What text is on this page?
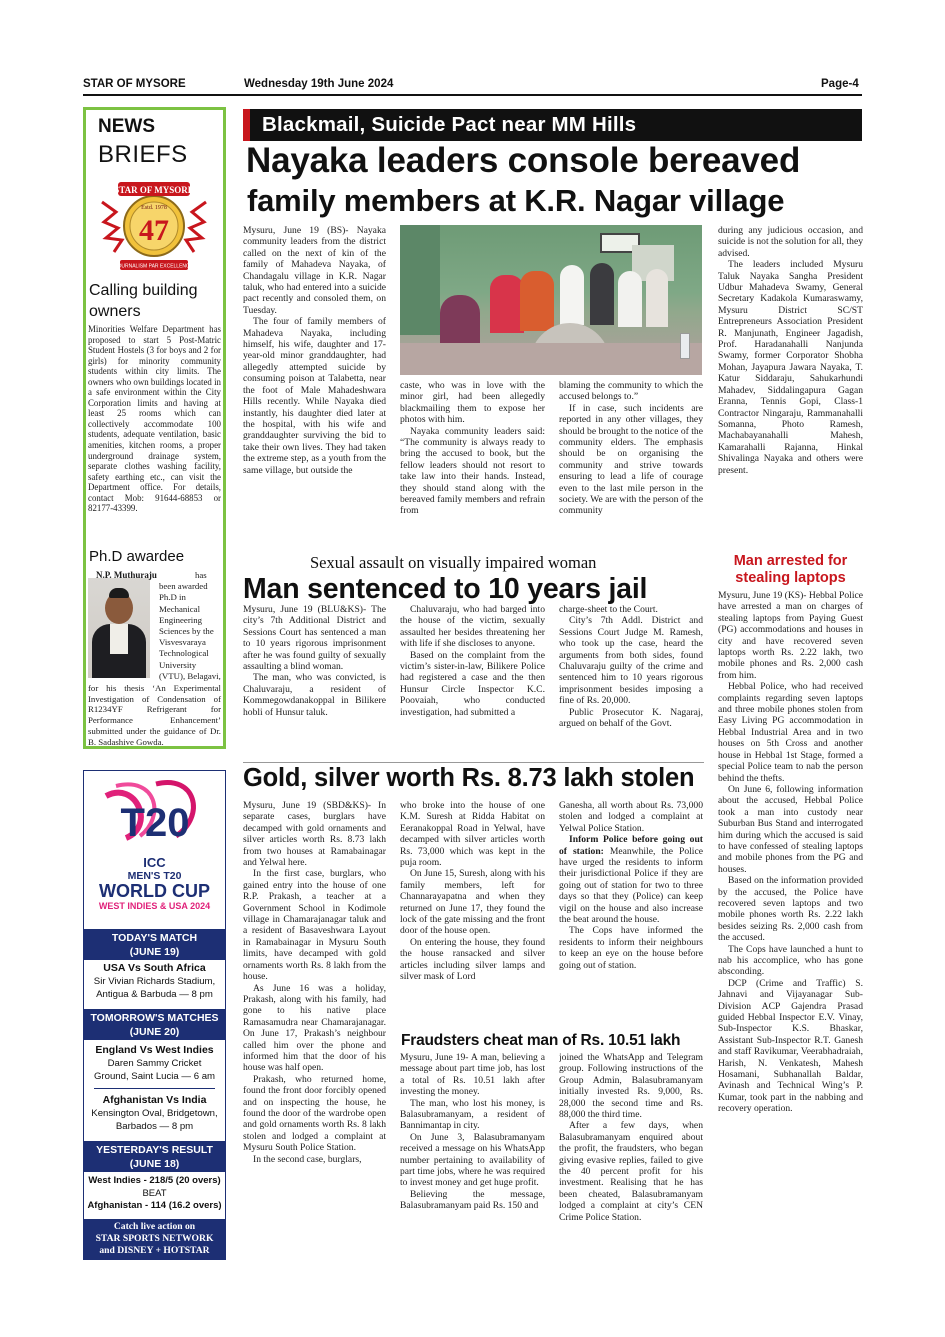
STAR OF MYSORE	Wednesday 19th June 2024	Page-4
NEWS
BRIEFS
STAR OF MYSORE
Estd. 1978
47
JOURNALISM PAR EXCELLENCE
Calling building
owners
Minorities Welfare Department has proposed to start 5 Post-Matric Student Hostels (3 for boys and 2 for girls) for minority community students within city limits. The owners who own buildings located in a safe environment within the City Corporation limits and having at least 25 rooms which can collectively accommodate 100 students, adequate ventilation, basic amenities, kitchen rooms, a proper underground drainage system, separate clothes washing facility, safety earthing etc., can visit the Department office. For details, contact Mob: 91644-68853 or 82177-43399.
Ph.D awardee
N.P. Muthuraju	has been awarded Ph.D in Mechanical Engineering Sciences by the Visvesvaraya Technological University (VTU), Belagavi,
for his thesis ‘An Experimental Investigation of Condensation of R1234YF Refrigerant for Performance Enhancement’ submitted under the guidance of Dr. B. Sadashive Gowda.
T20
ICC
MEN'S T20
WORLD CUP
WEST INDIES & USA 2024
TODAY'S MATCH
(JUNE 19)
USA Vs South Africa
Sir Vivian Richards Stadium,
Antigua & Barbuda — 8 pm
TOMORROW'S MATCHES
(JUNE 20)
England Vs West Indies
Daren Sammy Cricket
Ground, Saint Lucia — 6 am
Afghanistan Vs India
Kensington Oval, Bridgetown,
Barbados — 8 pm
YESTERDAY'S RESULT
(JUNE 18)
West Indies - 218/5 (20 overs)
BEAT
Afghanistan - 114 (16.2 overs)
Catch live action on
STAR SPORTS NETWORK
and DISNEY + HOTSTAR
Blackmail, Suicide Pact near MM Hills
Nayaka leaders console bereaved
family members at K.R. Nagar village

Mysuru, June 19 (BS)- Nayaka community leaders from the district called on the next of kin of the family of Mahadeva Nayaka, of Chandagalu village in K.R. Nagar taluk, who had entered into a suicide pact recently and consoled them, on Tuesday.

The four of family members of Mahadeva Nayaka, including himself, his wife, daughter and 17-year-old minor granddaughter, had allegedly attempted suicide by consuming poison at Talabetta, near the foot of Male Mahadeshwara Hills recently. While Nayaka died instantly, his daughter died later at the hospital, with his wife and granddaughter surviving the bid to take their own lives. They had taken the extreme step, as a youth from the same village, but outside the

caste, who was in love with the minor girl, had been allegedly blackmailing them to expose her photos with him.

Nayaka community leaders said: “The community is always ready to bring the accused to book, but the fellow leaders should not resort to take law into their hands. Instead, they should stand along with the bereaved family members and refrain from

blaming the community to which the accused belongs to.”

If in case, such incidents are reported in any other villages, they should be brought to the notice of the community elders. The emphasis should be on organising the community and strive towards ensuring to lead a life of courage even to the last mile person in the society. We are with the person of the community

during any judicious occasion, and suicide is not the solution for all, they advised.

The leaders included Mysuru Taluk Nayaka Sangha President Udbur Mahadeva Swamy, General Secretary Kadakola Kumaraswamy, Mysuru District SC/ST Entrepreneurs Association President R. Manjunath, Engineer Jagadish, Prof. Haradanahalli Nanjunda Swamy, former Corporator Shobha Mohan, Jayapura Jawara Nayaka, T. Katur Siddaraju, Sahukarhundi Mahadev, Siddalingapura Gagan Eranna, Tennis Gopi, Class-1 Contractor Ningaraju, Rammanahalli Somanna, Photo Ramesh, Machabayanahalli Mahesh, Kamarahalli Rajanna, Hinkal Shivalinga Nayaka and others were present.

Sexual assault on visually impaired woman
Man sentenced to 10 years jail

Mysuru, June 19 (BLU&KS)- The city’s 7th Additional District and Sessions Court has sentenced a man to 10 years rigorous imprisonment after he was found guilty of sexually assaulting a blind woman.

The man, who was convicted, is Chaluvaraju, a resident of Kommegowdanakoppal in Bilikere hobli of Hunsur taluk.

Chaluvaraju, who had barged into the house of the victim, sexually assaulted her besides threatening her with life if she discloses to anyone.

Based on the complaint from the victim’s sister-in-law, Bilikere Police had registered a case and the then Hunsur Circle Inspector K.C. Poovaiah, who conducted investigation, had submitted a

charge-sheet to the Court.

City’s 7th Addl. District and Sessions Court Judge M. Ramesh, who took up the case, heard the arguments from both sides, found Chaluvaraju guilty of the crime and sentenced him to 10 years rigorous imprisonment besides imposing a fine of Rs. 20,000.

Public Prosecutor K. Nagaraj, argued on behalf of the Govt.

Gold, silver worth Rs. 8.73 lakh stolen

Mysuru, June 19 (SBD&KS)- In separate cases, burglars have decamped with gold ornaments and silver articles worth Rs. 8.73 lakh from two houses at Ramabainagar and Yelwal here.

In the first case, burglars, who gained entry into the house of one R.P. Prakash, a teacher at a Government School in Kodimole village in Chamarajanagar taluk and a resident of Basaveshwara Layout in Ramabainagar in Mysuru South limits, have decamped with gold ornaments worth Rs. 8 lakh from the house.

As June 16 was a holiday, Prakash, along with his family, had gone to his native place Ramasamudra near Chamarajanagar. On June 17, Prakash’s neighbour called him over the phone and informed him that the door of his house was half open.

Prakash, who returned home, found the front door forcibly opened and on inspecting the house, he found the door of the wardrobe open and gold ornaments worth Rs. 8 lakh stolen and lodged a complaint at Mysuru South Police Station.

In the second case, burglars,

who broke into the house of one K.M. Suresh at Ridda Habitat on Eeranakoppal Road in Yelwal, have decamped with silver articles worth Rs. 73,000 which was kept in the puja room.

On June 15, Suresh, along with his family members, left for Channarayapatna and when they returned on June 17, they found the lock of the gate missing and the front door of the house open.

On entering the house, they found the house ransacked and silver articles including silver lamps and silver mask of Lord

Ganesha, all worth about Rs. 73,000 stolen and lodged a complaint at Yelwal Police Station.

Inform Police before going out of station: Meanwhile, the Police have urged the residents to inform their jurisdictional Police if they are going out of station for two to three days so that they (Police) can keep vigil on the house and also increase the beat around the house.

The Cops have informed the residents to inform their neighbours to keep an eye on the house before going out of station.

Fraudsters cheat man of Rs. 10.51 lakh

Mysuru, June 19- A man, believing a message about part time job, has lost a total of Rs. 10.51 lakh after investing the money.

The man, who lost his money, is Balasubramanyam, a resident of Bannimantap in city.

On June 3, Balasubramanyam received a message on his WhatsApp number pertaining to availability of part time jobs, where he was required to invest money and get huge profit.

Believing the message, Balasubramanyam paid Rs. 150 and

joined the WhatsApp and Telegram group. Following instructions of the Group Admin, Balasubramanyam initially invested Rs. 9,000, Rs. 28,000 the second time and Rs. 88,000 the third time.

After a few days, when Balasubramanyam enquired about the profit, the fraudsters, who began giving evasive replies, failed to give the 40 percent profit for his investment. Realising that he has been cheated, Balasubramanyam lodged a complaint at city’s CEN Crime Police Station.

Man arrested for
stealing laptops

Mysuru, June 19 (KS)- Hebbal Police have arrested a man on charges of stealing laptops from Paying Guest (PG) accommodations and houses in city and have recovered seven laptops worth Rs. 2.22 lakh, two mobile phones and Rs. 2,000 cash from him.

Hebbal Police, who had received complaints regarding seven laptops and three mobile phones stolen from Easy Living PG accommodation in Hebbal Industrial Area and in two houses on 5th Cross and another house in Hebbal 1st Stage, formed a special Police team to nab the person behind the thefts.

On June 6, following information about the accused, Hebbal Police took a man into custody near Suburban Bus Stand and interrogated him during which the accused is said to have confessed of stealing laptops and mobile phones from the PG and houses.

Based on the information provided by the accused, the Police have recovered seven laptops and two mobile phones worth Rs. 2.22 lakh besides seizing Rs. 2,000 cash from the accused.

The Cops have launched a hunt to nab his accomplice, who has gone absconding.

DCP (Crime and Traffic) S. Jahnavi and Vijayanagar Sub-Division ACP Gajendra Prasad guided Hebbal Inspector E.V. Vinay, Sub-Inspector K.S. Bhaskar, Assistant Sub-Inspector R.T. Ganesh and staff Ravikumar, Veerabhadraiah, Harish, N. Venkatesh, Mahesh Hosamani, Subhanallah Baldar, Avinash and Technical Wing’s P. Kumar, took part in the nabbing and recovery operation.
